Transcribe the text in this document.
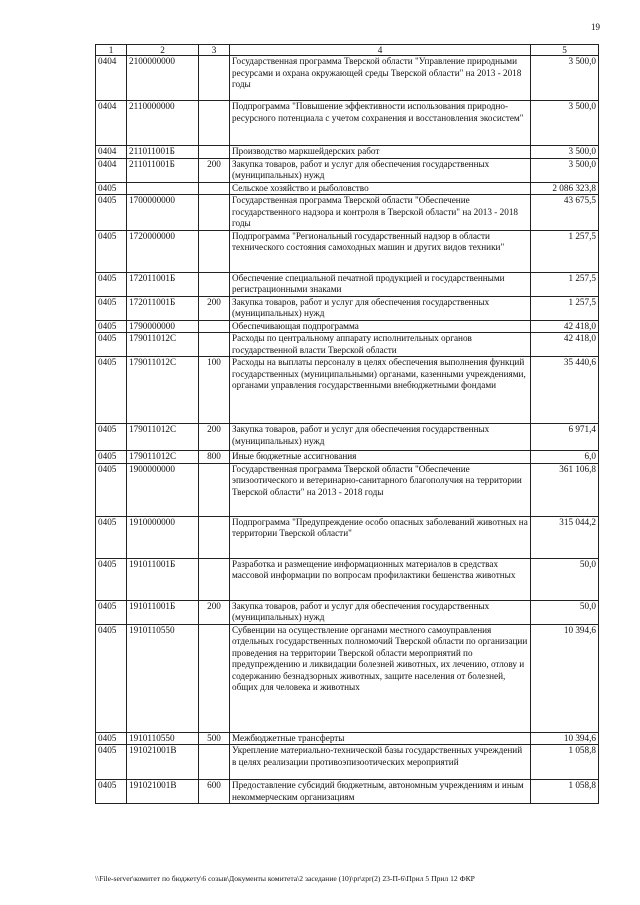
19
1	2	3	4	5
0404	2100000000		Государственная программа Тверской области "Управление природными ресурсами и охрана окружающей среды Тверской области" на 2013 - 2018 годы	3 500,0
0404	2110000000		Подпрограмма "Повышение эффективности использования природно-ресурсного потенциала с учетом сохранения и восстановления экосистем"	3 500,0
0404	211011001Б		Производство маркшейдерских работ	3 500,0
0404	211011001Б	200	Закупка товаров, работ и услуг для обеспечения государственных (муниципальных) нужд	3 500,0
0405			Сельское хозяйство и рыболовство	2 086 323,8
0405	1700000000		Государственная программа Тверской области "Обеспечение государственного надзора и контроля в Тверской области" на 2013 - 2018 годы	43 675,5
0405	1720000000		Подпрограмма "Региональный государственный надзор в области технического состояния самоходных машин и других видов техники"	1 257,5
0405	172011001Б		Обеспечение специальной печатной продукцией и государственными регистрационными знаками	1 257,5
0405	172011001Б	200	Закупка товаров, работ и услуг для обеспечения государственных (муниципальных) нужд	1 257,5
0405	1790000000		Обеспечивающая подпрограмма	42 418,0
0405	179011012С		Расходы по центральному аппарату исполнительных органов государственной власти Тверской области	42 418,0
0405	179011012С	100	Расходы на выплаты персоналу в целях обеспечения выполнения функций государственных (муниципальными) органами, казенными учреждениями, органами управления государственными внебюджетными фондами	35 440,6
0405	179011012С	200	Закупка товаров, работ и услуг для обеспечения государственных (муниципальных) нужд	6 971,4
0405	179011012С	800	Иные бюджетные ассигнования	6,0
0405	1900000000		Государственная программа Тверской области "Обеспечение эпизоотического и ветеринарно-санитарного благополучия на территории Тверской области" на 2013 - 2018 годы	361 106,8
0405	1910000000		Подпрограмма "Предупреждение особо опасных заболеваний животных на территории Тверской области"	315 044,2
0405	191011001Б		Разработка и размещение информационных материалов в средствах массовой информации по вопросам профилактики бешенства животных	50,0
0405	191011001Б	200	Закупка товаров, работ и услуг для обеспечения государственных (муниципальных) нужд	50,0
0405	1910110550		Субвенции на осуществление органами местного самоуправления отдельных государственных полномочий Тверской области по организации проведения на территории Тверской области мероприятий по предупреждению и ликвидации болезней животных, их лечению, отлову и содержанию безнадзорных животных, защите населения от болезней, общих для человека и животных	10 394,6
0405	1910110550	500	Межбюджетные трансферты	10 394,6
0405	191021001В		Укрепление материально-технической базы государственных учреждений в целях реализации противоэпизоотических мероприятий	1 058,8
0405	191021001В	600	Предоставление субсидий бюджетным, автономным учреждениям и иным некоммерческим организациям	1 058,8
\\File-server\комитет по бюджету\6 созыв\Документы комитета\2 заседание (10)\pr\zpr(2) 23-П-6\Прил 5 Прил 12 ФКР
